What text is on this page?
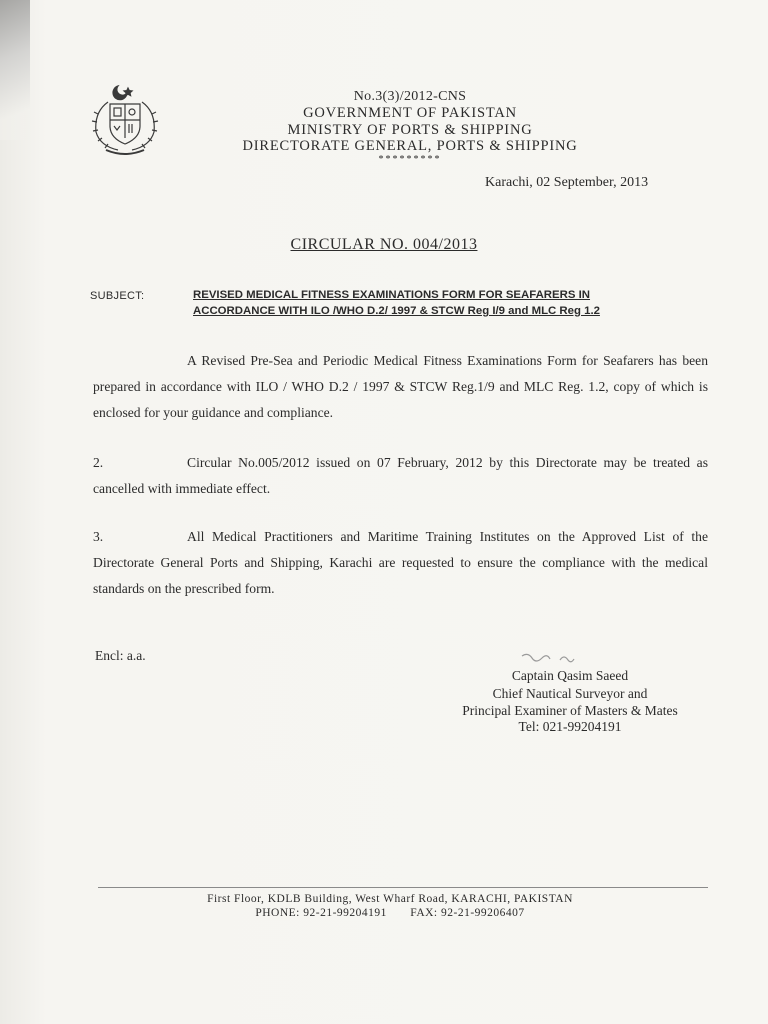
No.3(3)/2012-CNS

GOVERNMENT OF PAKISTAN

MINISTRY OF PORTS & SHIPPING

DIRECTORATE GENERAL, PORTS & SHIPPING

*********

Karachi, 02 September, 2013

CIRCULAR NO. 004/2013

SUBJECT:	REVISED MEDICAL FITNESS EXAMINATIONS FORM FOR SEAFARERS IN
ACCORDANCE WITH ILO /WHO D.2/ 1997 & STCW Reg I/9 and MLC Reg 1.2

A Revised Pre-Sea and Periodic Medical Fitness Examinations Form for Seafarers has been prepared in accordance with ILO / WHO D.2 / 1997 & STCW Reg.1/9 and MLC Reg. 1.2, copy of which is enclosed for your guidance and compliance.

2.	Circular No.005/2012 issued on 07 February, 2012 by this Directorate may be treated as cancelled with immediate effect.

3.	All Medical Practitioners and Maritime Training Institutes on the Approved List of the Directorate General Ports and Shipping, Karachi are requested to ensure the compliance with the medical standards on the prescribed form.

Encl: a.a.

Captain Qasim Saeed

Chief Nautical Surveyor and

Principal Examiner of Masters & Mates

Tel: 021-99204191

First Floor, KDLB Building, West Wharf Road, KARACHI, PAKISTAN

PHONE: 92-21-99204191 FAX: 92-21-99206407
